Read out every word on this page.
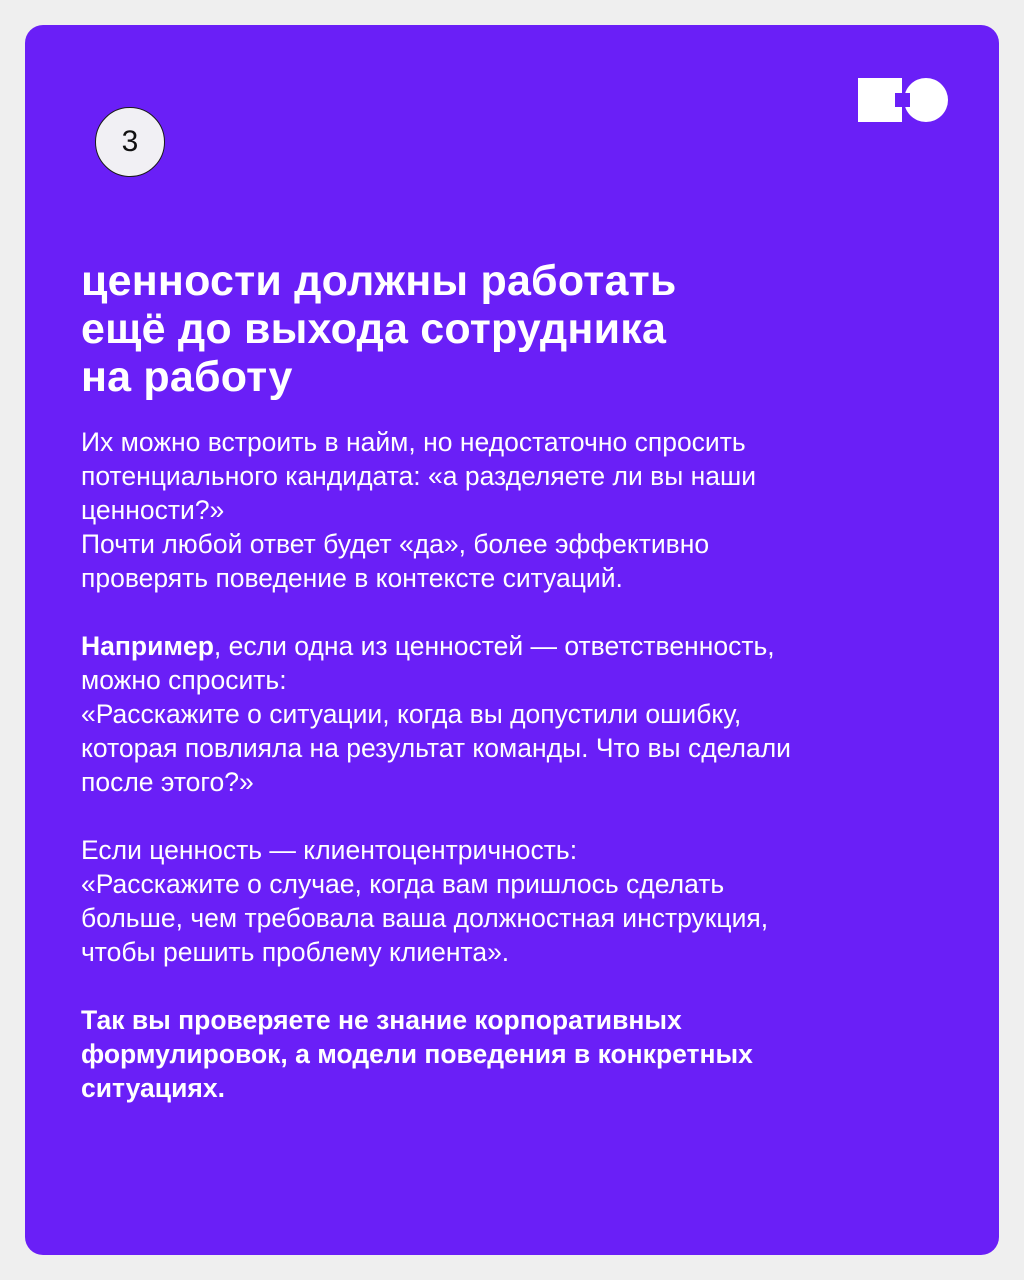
3
ценности должны работать
ещё до выхода сотрудника
на работу

Их можно встроить в найм, но недостаточно спросить
потенциального кандидата: «а разделяете ли вы наши
ценности?»
Почти любой ответ будет «да», более эффективно
проверять поведение в контексте ситуаций.

Например, если одна из ценностей — ответственность,
можно спросить:
«Расскажите о ситуации, когда вы допустили ошибку,
которая повлияла на результат команды. Что вы сделали
после этого?»

Если ценность — клиентоцентричность:
«Расскажите о случае, когда вам пришлось сделать
больше, чем требовала ваша должностная инструкция,
чтобы решить проблему клиента».

Так вы проверяете не знание корпоративных
формулировок, а модели поведения в конкретных
ситуациях.
